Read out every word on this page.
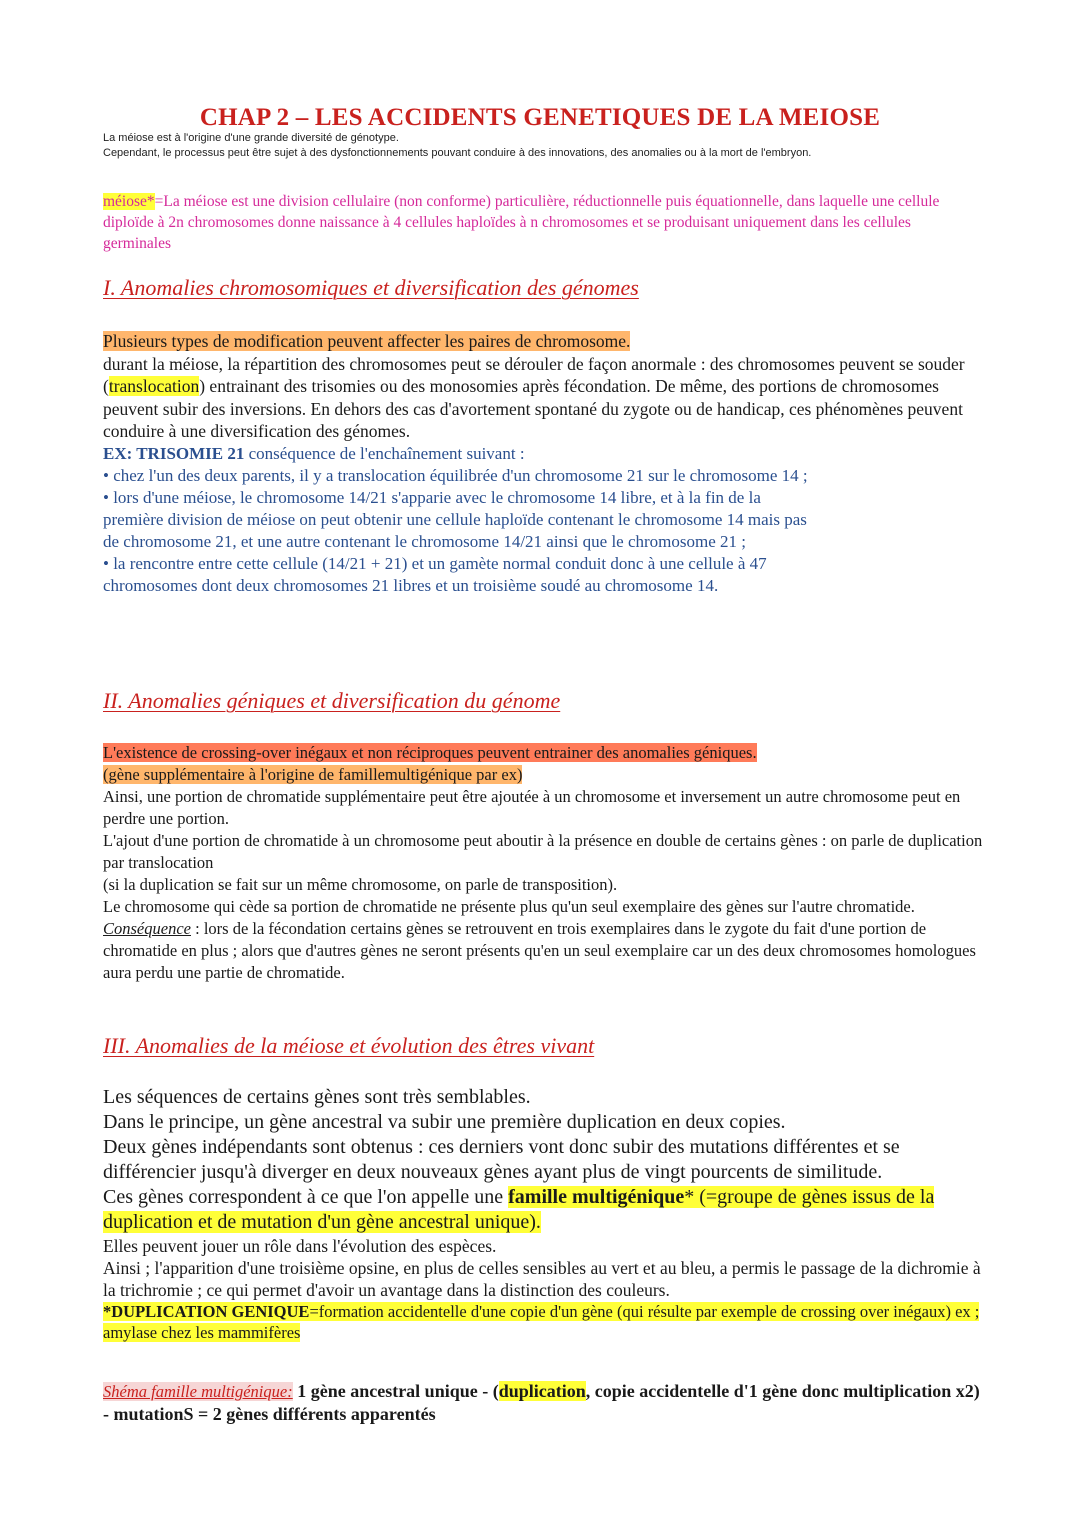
CHAP 2 – LES ACCIDENTS GENETIQUES DE LA MEIOSE
La méiose est à l'origine d'une grande diversité de génotype.
Cependant, le processus peut être sujet à des dysfonctionnements pouvant conduire à des innovations, des anomalies ou à la mort de l'embryon.
méiose*=La méiose est une division cellulaire (non conforme) particulière, réductionnelle puis équationnelle, dans laquelle une cellule diploïde à 2n chromosomes donne naissance à 4 cellules haploïdes à n chromosomes et se produisant uniquement dans les cellules germinales
I. Anomalies chromosomiques et diversification des génomes

Plusieurs types de modification peuvent affecter les paires de chromosome.

durant la méiose, la répartition des chromosomes peut se dérouler de façon anormale : des chromosomes peuvent se souder (translocation) entrainant des trisomies ou des monosomies après fécondation. De même, des portions de chromosomes peuvent subir des inversions. En dehors des cas d'avortement spontané du zygote ou de handicap, ces phénomènes peuvent conduire à une diversification des génomes.

EX: TRISOMIE 21 conséquence de l'enchaînement suivant :

• chez l'un des deux parents, il y a translocation équilibrée d'un chromosome 21 sur le chromosome 14 ;

• lors d'une méiose, le chromosome 14/21 s'apparie avec le chromosome 14 libre, et à la fin de la première division de méiose on peut obtenir une cellule haploïde contenant le chromosome 14 mais pas de chromosome 21, et une autre contenant le chromosome 14/21 ainsi que le chromosome 21 ;

• la rencontre entre cette cellule (14/21 + 21) et un gamète normal conduit donc à une cellule à 47 chromosomes dont deux chromosomes 21 libres et un troisième soudé au chromosome 14.

II. Anomalies géniques et diversification du génome

L'existence de crossing-over inégaux et non réciproques peuvent entrainer des anomalies géniques.

(gène supplémentaire à l'origine de famillemultigénique par ex)

Ainsi, une portion de chromatide supplémentaire peut être ajoutée à un chromosome et inversement un autre chromosome peut en perdre une portion.

L'ajout d'une portion de chromatide à un chromosome peut aboutir à la présence en double de certains gènes : on parle de duplication par translocation

(si la duplication se fait sur un même chromosome, on parle de transposition).

Le chromosome qui cède sa portion de chromatide ne présente plus qu'un seul exemplaire des gènes sur l'autre chromatide.

Conséquence : lors de la fécondation certains gènes se retrouvent en trois exemplaires dans le zygote du fait d'une portion de chromatide en plus ; alors que d'autres gènes ne seront présents qu'en un seul exemplaire car un des deux chromosomes homologues aura perdu une partie de chromatide.

III. Anomalies de la méiose et évolution des êtres vivant

Les séquences de certains gènes sont très semblables.

Dans le principe, un gène ancestral va subir une première duplication en deux copies.

Deux gènes indépendants sont obtenus : ces derniers vont donc subir des mutations différentes et se différencier jusqu'à diverger en deux nouveaux gènes ayant plus de vingt pourcents de similitude.

Ces gènes correspondent à ce que l'on appelle une famille multigénique* (=groupe de gènes issus de la duplication et de mutation d'un gène ancestral unique).

Elles peuvent jouer un rôle dans l'évolution des espèces.

Ainsi ; l'apparition d'une troisième opsine, en plus de celles sensibles au vert et au bleu, a permis le passage de la dichromie à la trichromie ; ce qui permet d'avoir un avantage dans la distinction des couleurs.

*DUPLICATION GENIQUE=formation accidentelle d'une copie d'un gène (qui résulte par exemple de crossing over inégaux) ex ; amylase chez les mammifères

Shéma famille multigénique: 1 gène ancestral unique - (duplication, copie accidentelle d'1 gène donc multiplication x2) - mutationS = 2 gènes différents apparentés
